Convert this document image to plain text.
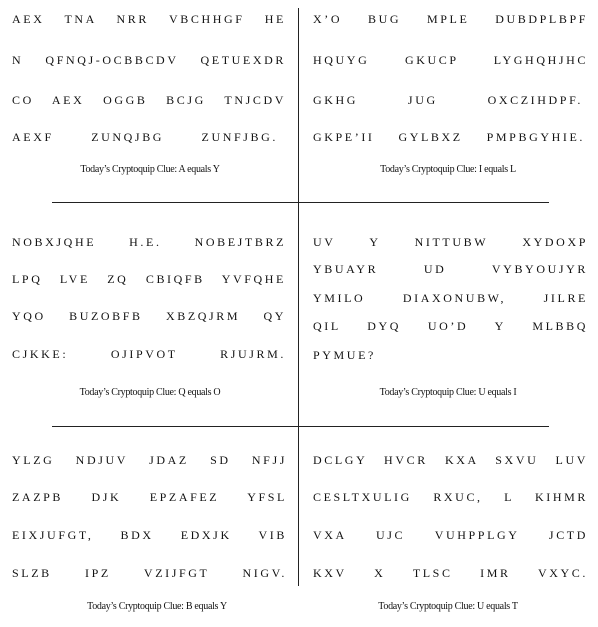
AEX TNA NRR VBCHHGF HE
N QFNQJ-OCBBCDV QETUEXDR
CO AEX OGGB BCJG TNJCDV
AEXF ZUNQJBG ZUNFJBG.
Today’s Cryptoquip Clue: A equals Y
X’O BUG MPLE DUBDPLBPF
HQUYG GKUCP LYGHQHJHC
GKHG JUG OXCZIHDPF.
GKPE’II GYLBXZ PMPBGYHIE.
Today’s Cryptoquip Clue: I equals L
NOBXJQHE H.E. NOBEJTBRZ
LPQ LVE ZQ CBIQFB YVFQHE
YQO BUZOBFB XBZQJRM QY
CJKKE: OJIPVOT RJUJRM.
Today’s Cryptoquip Clue: Q equals O
UV Y NITTUBW XYDOXP
YBUAYR UD VYBYOUJYR
YMILO DIAXONUBW, JILRE
QIL DYQ UO’D Y MLBBQ
PYMUE?
Today’s Cryptoquip Clue: U equals I
YLZG NDJUV JDAZ SD NFJJ
ZAZPB DJK EPZAFEZ YFSL
EIXJUFGT, BDX EDXJK VIB
SLZB IPZ VZIJFGT NIGV.
Today’s Cryptoquip Clue: B equals Y
DCLGY HVCR KXA SXVU LUV
CESLTXULIG RXUC, L KIHMR
VXA UJC VUHPPLGY JCTD
KXV X TLSC IMR VXYC.
Today’s Cryptoquip Clue: U equals T
